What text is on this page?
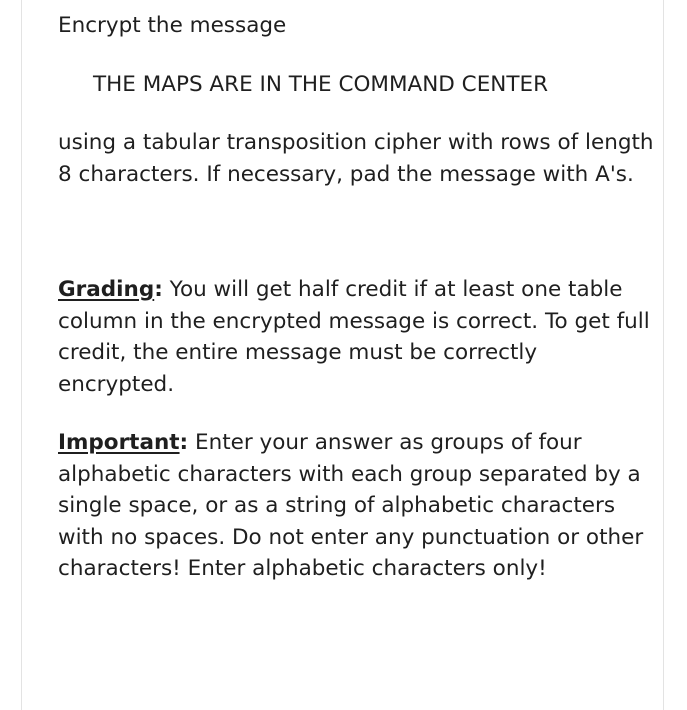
Encrypt the message

THE MAPS ARE IN THE COMMAND CENTER

using a tabular transposition cipher with rows of length 8 characters. If necessary, pad the message with A's.

Grading: You will get half credit if at least one table column in the encrypted message is correct. To get full credit, the entire message must be correctly encrypted.

Important: Enter your answer as groups of four alphabetic characters with each group separated by a single space, or as a string of alphabetic characters with no spaces. Do not enter any punctuation or other characters! Enter alphabetic characters only!
